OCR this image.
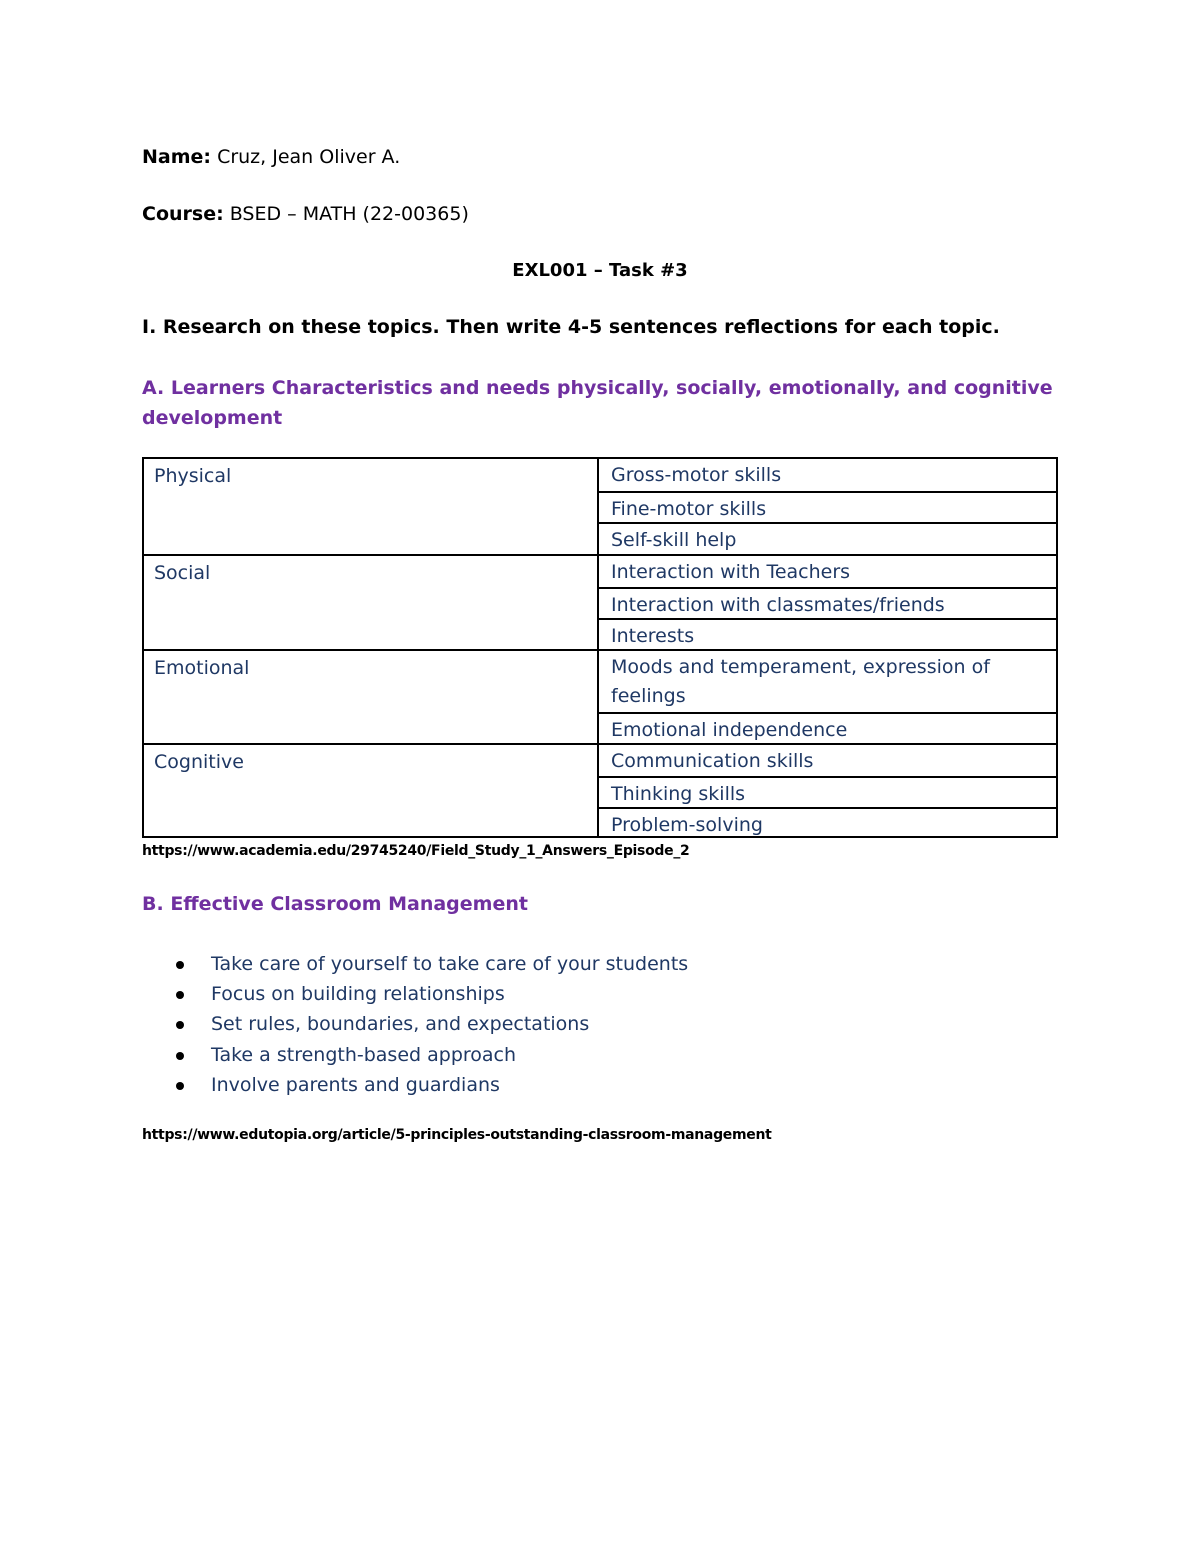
Name: Cruz, Jean Oliver A.
Course: BSED – MATH (22-00365)
EXL001 – Task #3
I. Research on these topics. Then write 4-5 sentences reflections for each topic.
A. Learners Characteristics and needs physically, socially, emotionally, and cognitive development
Physical	Gross-motor skills
Fine-motor skills
Self-skill help
Social	Interaction with Teachers
Interaction with classmates/friends
Interests
Emotional	Moods and temperament, expression of feelings
Emotional independence
Cognitive	Communication skills
Thinking skills
Problem-solving
https://www.academia.edu/29745240/Field_Study_1_Answers_Episode_2
B. Effective Classroom Management
Take care of yourself to take care of your students
Focus on building relationships
Set rules, boundaries, and expectations
Take a strength-based approach
Involve parents and guardians
https://www.edutopia.org/article/5-principles-outstanding-classroom-management
